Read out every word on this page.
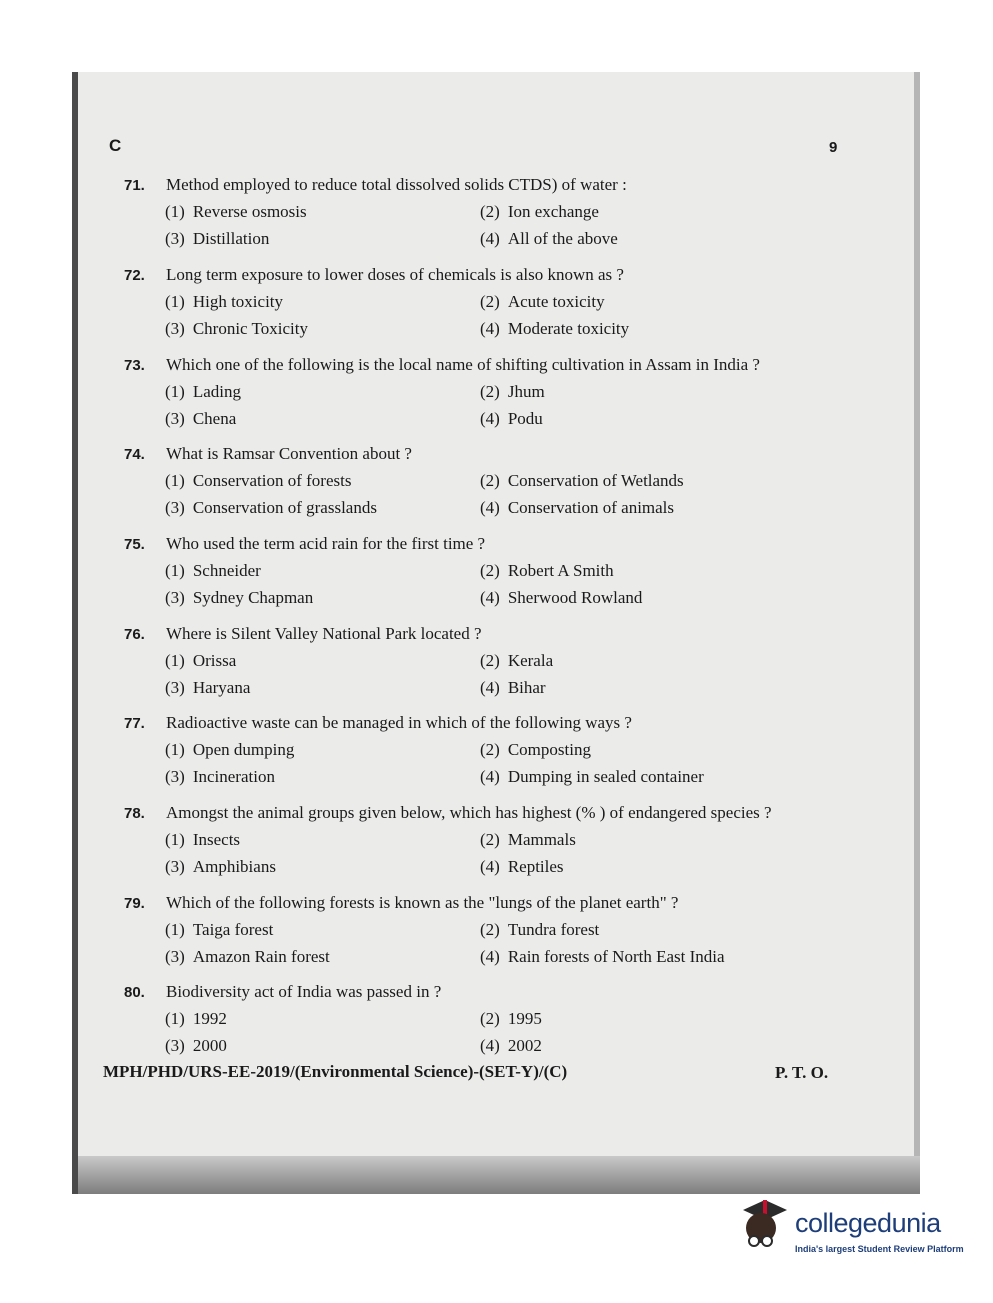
C	9
71. Method employed to reduce total dissolved solids CTDS) of water :
(1) Reverse osmosis	(2) Ion exchange
(3) Distillation	(4) All of the above
72. Long term exposure to lower doses of chemicals is also known as ?
(1) High toxicity	(2) Acute toxicity
(3) Chronic Toxicity	(4) Moderate toxicity
73. Which one of the following is the local name of shifting cultivation in Assam in India ?
(1) Lading	(2) Jhum
(3) Chena	(4) Podu
74. What is Ramsar Convention about ?
(1) Conservation of forests	(2) Conservation of Wetlands
(3) Conservation of grasslands	(4) Conservation of animals
75. Who used the term acid rain for the first time ?
(1) Schneider	(2) Robert A Smith
(3) Sydney Chapman	(4) Sherwood Rowland
76. Where is Silent Valley National Park located ?
(1) Orissa	(2) Kerala
(3) Haryana	(4) Bihar
77. Radioactive waste can be managed in which of the following ways ?
(1) Open dumping	(2) Composting
(3) Incineration	(4) Dumping in sealed container
78. Amongst the animal groups given below, which has highest (% ) of endangered species ?
(1) Insects	(2) Mammals
(3) Amphibians	(4) Reptiles
79. Which of the following forests is known as the "lungs of the planet earth" ?
(1) Taiga forest	(2) Tundra forest
(3) Amazon Rain forest	(4) Rain forests of North East India
80. Biodiversity act of India was passed in ?
(1) 1992	(2) 1995
(3) 2000	(4) 2002
MPH/PHD/URS-EE-2019/(Environmental Science)-(SET-Y)/(C)	P. T. O.
collegedunia
India's largest Student Review Platform
